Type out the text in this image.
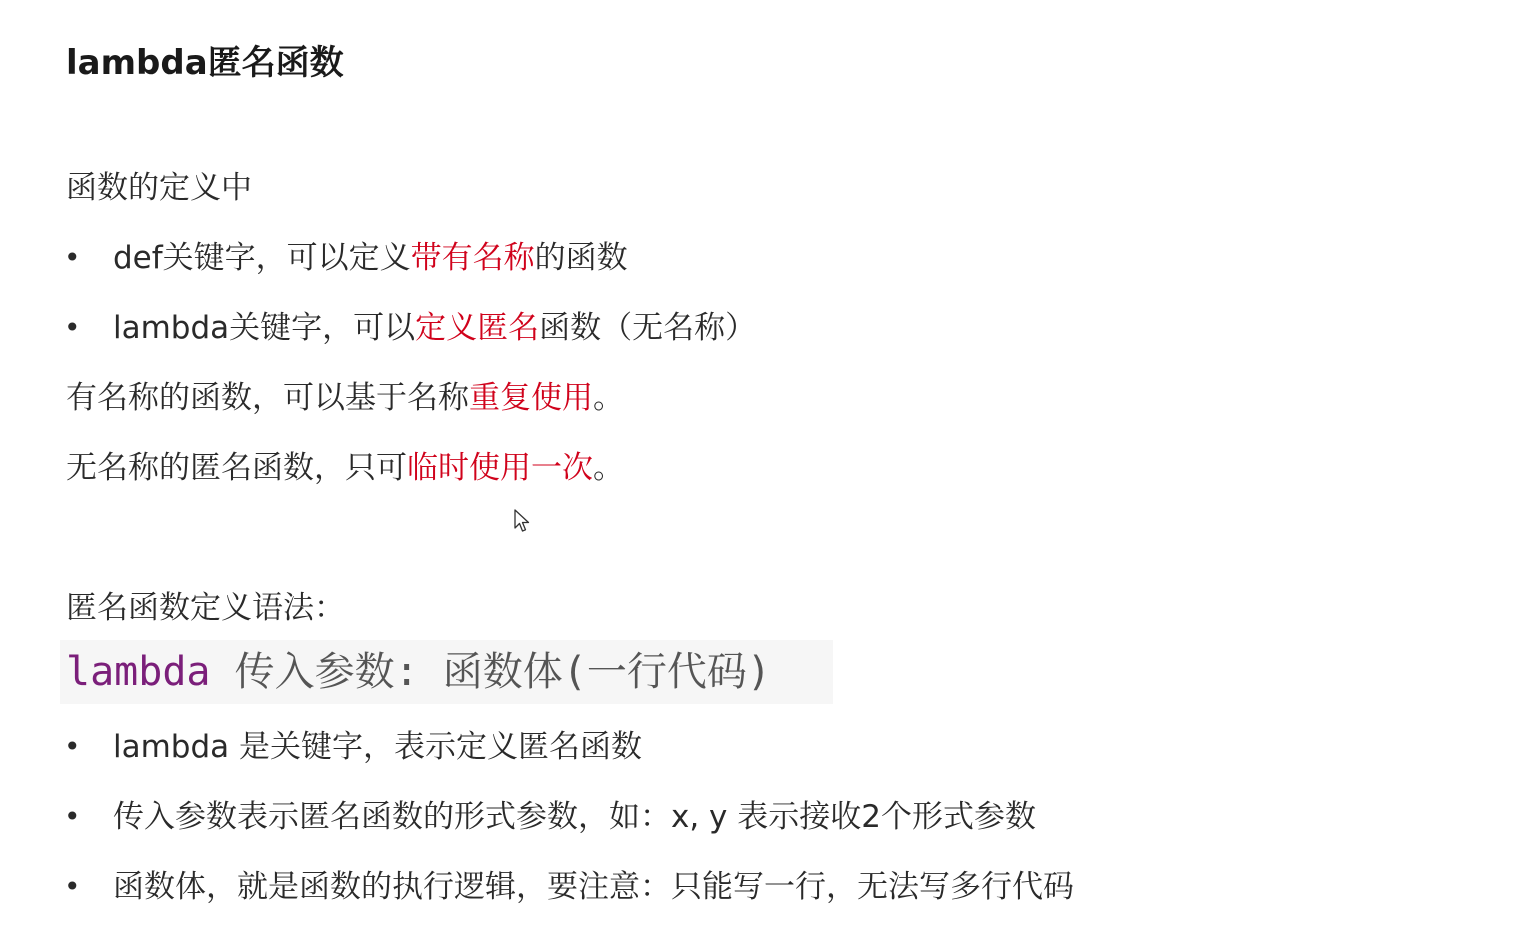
lambda匿名函数
函数的定义中
• def关键字，可以定义带有名称的函数
• lambda关键字，可以定义匿名函数（无名称）
有名称的函数，可以基于名称重复使用。
无名称的匿名函数，只可临时使用一次。
匿名函数定义语法：
lambda 传入参数: 函数体(一行代码)
• lambda 是关键字，表示定义匿名函数
• 传入参数表示匿名函数的形式参数，如：x, y 表示接收2个形式参数
• 函数体，就是函数的执行逻辑，要注意：只能写一行，无法写多行代码
